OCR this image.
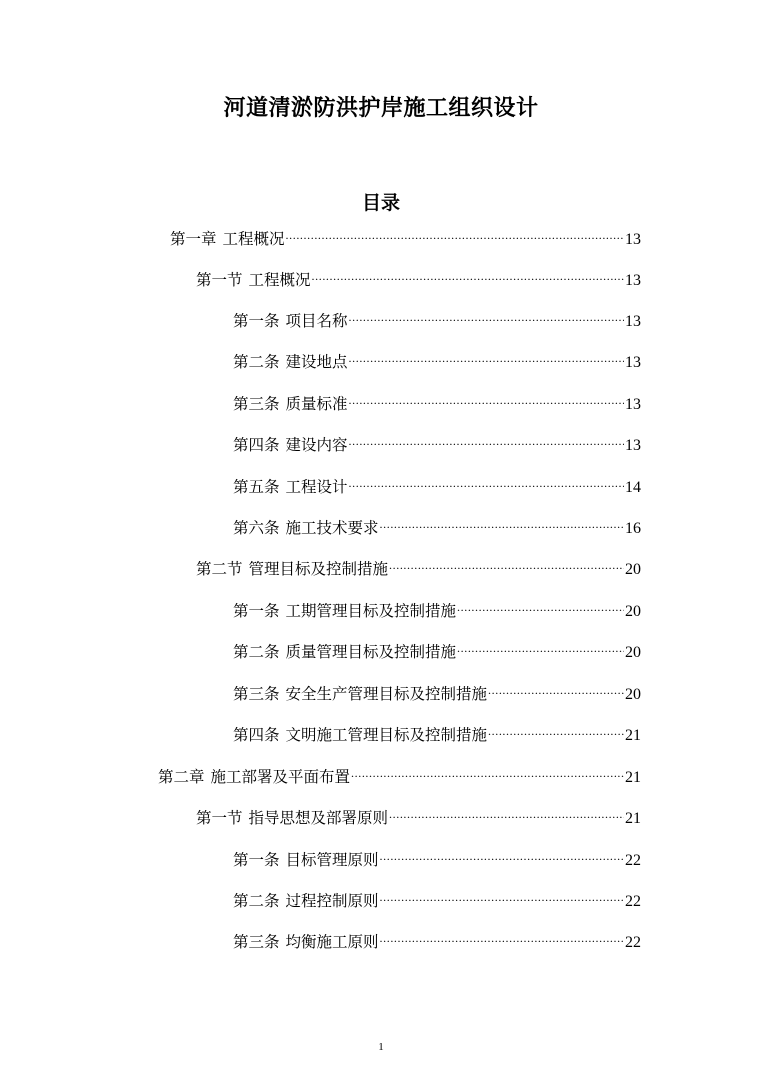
河道清淤防洪护岸施工组织设计
目录
第一章 工程概况 .....	13
第一节 工程概况 .....	13
第一条 项目名称 .....	13
第二条 建设地点 .....	13
第三条 质量标准 .....	13
第四条 建设内容 .....	13
第五条 工程设计 .....	14
第六条 施工技术要求 .....	16
第二节 管理目标及控制措施 .....	20
第一条 工期管理目标及控制措施 .....	20
第二条 质量管理目标及控制措施 .....	20
第三条 安全生产管理目标及控制措施 .....	20
第四条 文明施工管理目标及控制措施 .....	21
第二章 施工部署及平面布置 .....	21
第一节 指导思想及部署原则 .....	21
第一条 目标管理原则 .....	22
第二条 过程控制原则 .....	22
第三条 均衡施工原则 .....	22
1
